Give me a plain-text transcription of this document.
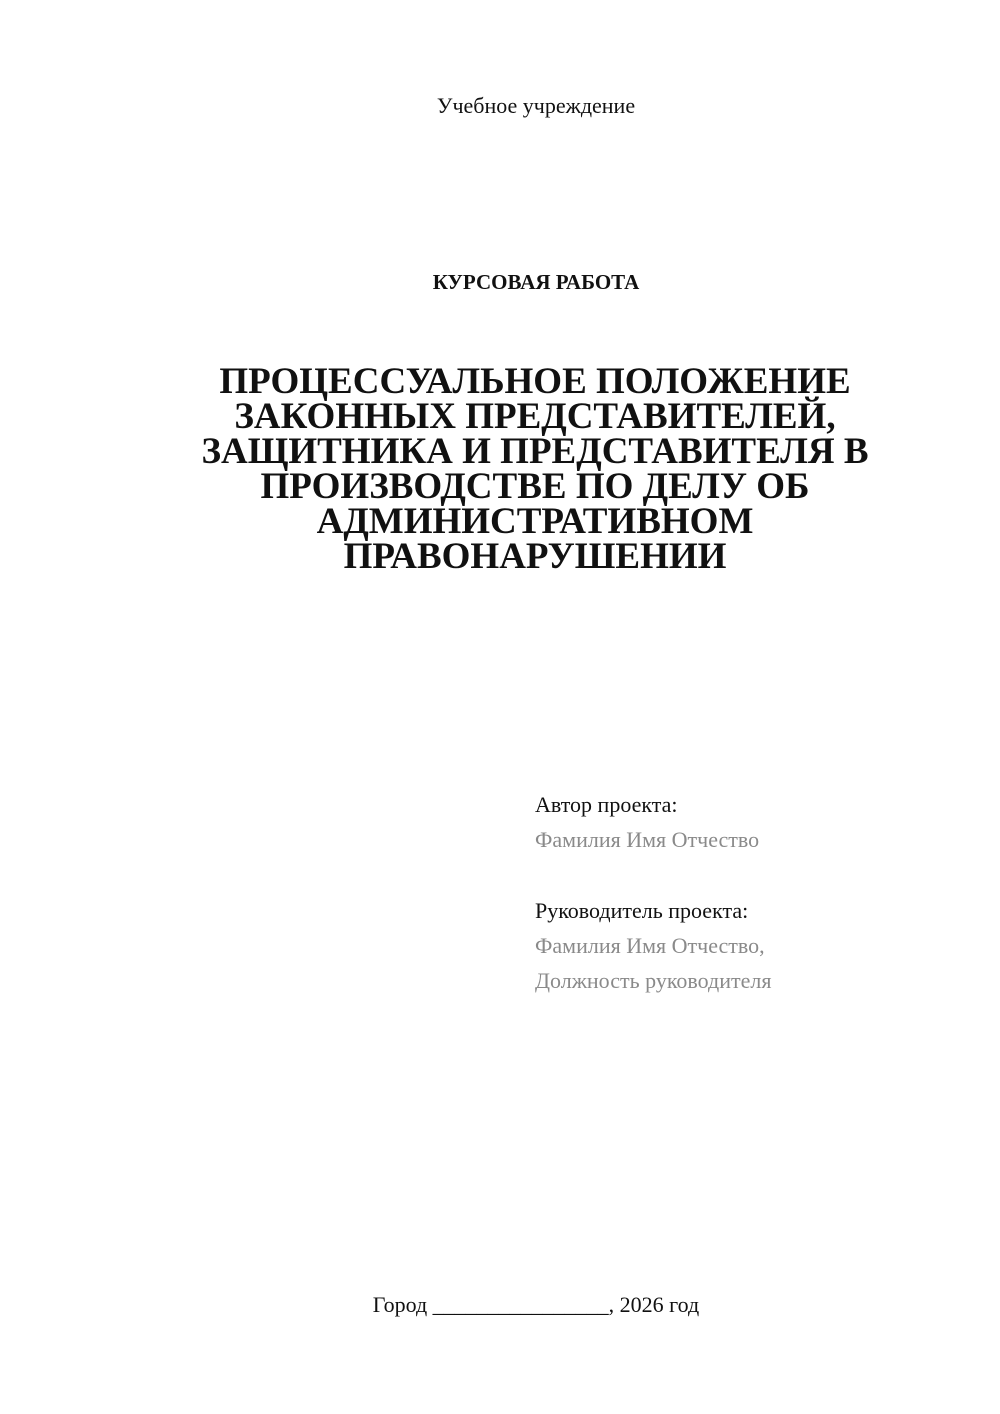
Учебное учреждение
КУРСОВАЯ РАБОТА
ПРОЦЕССУАЛЬНОЕ ПОЛОЖЕНИЕ ЗАКОННЫХ ПРЕДСТАВИТЕЛЕЙ, ЗАЩИТНИКА И ПРЕДСТАВИТЕЛЯ В ПРОИЗВОДСТВЕ ПО ДЕЛУ ОБ АДМИНИСТРАТИВНОМ ПРАВОНАРУШЕНИИ
Автор проекта:
Фамилия Имя Отчество
Руководитель проекта:
Фамилия Имя Отчество,
Должность руководителя
Город ________________, 2026 год
